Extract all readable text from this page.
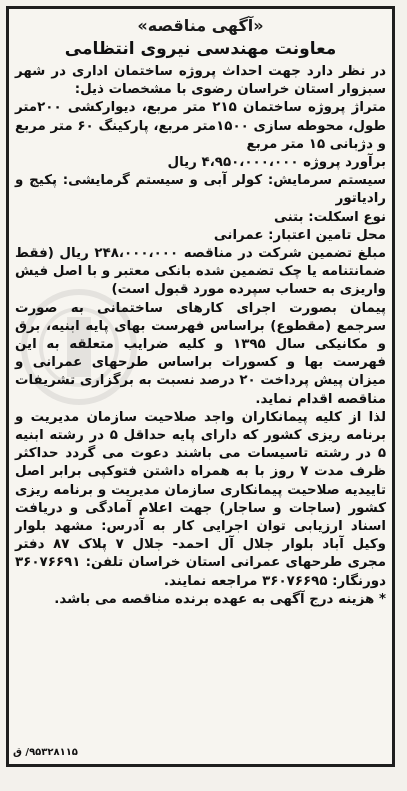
«آگهی مناقصه»
معاونت مهندسی نیروی انتظامی

در نظر دارد جهت احداث پروژه ساختمان اداری در شهر سبزوار استان خراسان رضوی با مشخصات ذیل:

متراژ پروژه ساختمان ۲۱۵ متر مربع، دیوارکشی ۲۰۰متر طول، محوطه سازی ۱۵۰۰متر مربع، پارکینگ ۶۰ متر مربع و دژبانی ۱۵ متر مربع

برآورد پروژه ۴،۹۵۰،۰۰۰،۰۰۰ ریال

سیستم سرمایش: کولر آبی و سیستم گرمایشی: پکیج و رادیاتور

نوع اسکلت: بتنی

محل تامین اعتبار: عمرانی

مبلغ تضمین شرکت در مناقصه ۲۴۸،۰۰۰،۰۰۰ ریال (فقط ضمانتنامه یا چک تضمین شده بانکی معتبر و با اصل فیش واریزی به حساب سپرده مورد قبول است)

پیمان بصورت اجرای کارهای ساختمانی به صورت سرجمع (مقطوع) براساس فهرست بهای پایه ابنیه، برق و مکانیکی سال ۱۳۹۵ و کلیه ضرایب متعلقه به این فهرست بها و کسورات براساس طرحهای عمرانی و میزان پیش پرداخت ۲۰ درصد نسبت به برگزاری تشریفات مناقصه اقدام نماید.

لذا از کلیه پیمانکاران واجد صلاحیت سازمان مدیریت و برنامه ریزی کشور که دارای پایه حداقل ۵ در رشته ابنیه ۵ در رشته تاسیسات می باشند دعوت می گردد حداکثر ظرف مدت ۷ روز با به همراه داشتن فتوکپی برابر اصل تاییدیه صلاحیت پیمانکاری سازمان مدیریت و برنامه ریزی کشور (ساجات و ساجار) جهت اعلام آمادگی و دریافت اسناد ارزیابی توان اجرایی کار به آدرس: مشهد بلوار وکیل آباد بلوار جلال آل احمد- جلال ۷ پلاک ۸۷ دفتر مجری طرحهای عمرانی استان خراسان تلفن: ۳۶۰۷۶۶۹۱ دورنگار: ۳۶۰۷۶۶۹۵ مراجعه نمایند.

* هزینه درج آگهی به عهده برنده مناقصه می باشد.

۹۵۳۲۸۱۱۵/ ق
